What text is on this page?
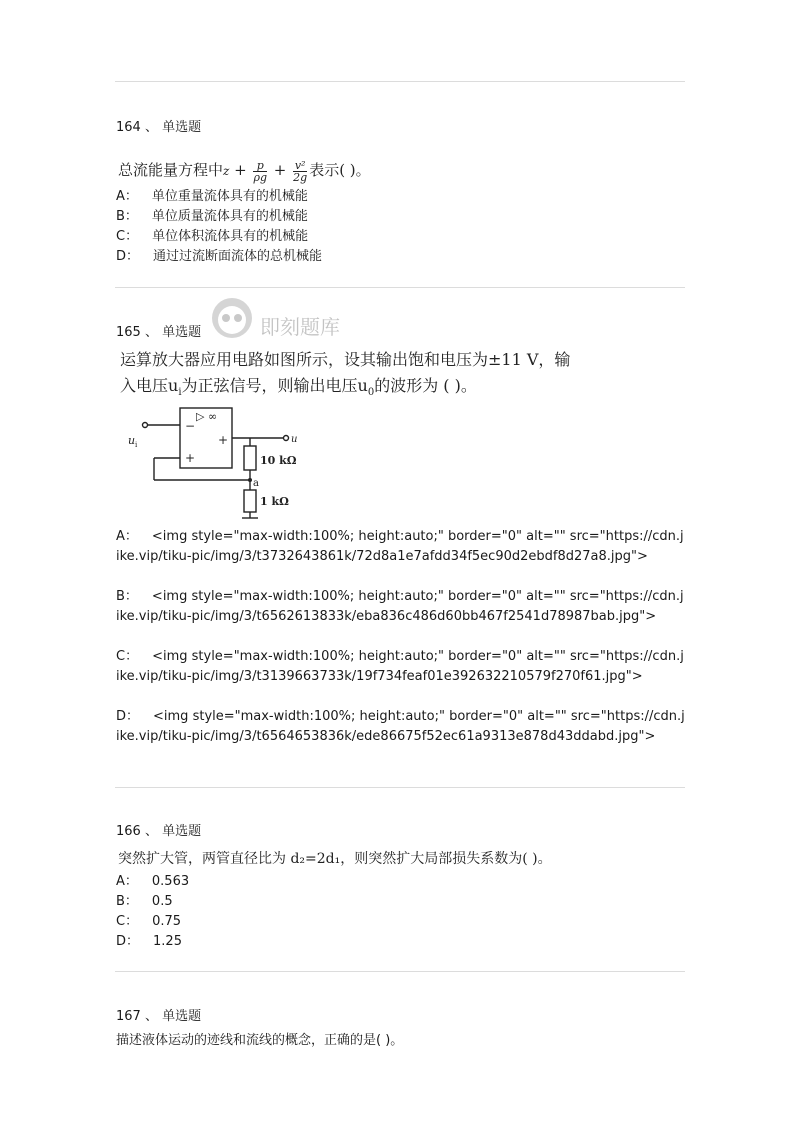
164 、 单选题
总流能量方程中$z + \frac{p}{\rho g} + \frac{\text{v²}}{2g}$ 表示( )。
A： 单位重量流体具有的机械能
B： 单位质量流体具有的机械能
C： 单位体积流体具有的机械能
D： 通过过流断面流体的总机械能
即刻题库
165 、 单选题
运算放大器应用电路如图所示，设其输出饱和电压为±11 V，输
入电压$u_i$为正弦信号，则输出电压$u_0$的波形为 ( )。
u i
▷ ∞
−
+
+
u
10 kΩ
a
1 kΩ
A： <img style="max-width:100%; height:auto;" border="0" alt="" src="https://cdn.jike.vip/tiku-pic/img/3/t3732643861k/72d8a1e7afdd34f5ec90d2ebdf8d27a8.jpg">
B： <img style="max-width:100%; height:auto;" border="0" alt="" src="https://cdn.jike.vip/tiku-pic/img/3/t6562613833k/eba836c486d60bb467f2541d78987bab.jpg">
C： <img style="max-width:100%; height:auto;" border="0" alt="" src="https://cdn.jike.vip/tiku-pic/img/3/t3139663733k/19f734feaf01e392632210579f270f61.jpg">
D： <img style="max-width:100%; height:auto;" border="0" alt="" src="https://cdn.jike.vip/tiku-pic/img/3/t6564653836k/ede86675f52ec61a9313e878d43ddabd.jpg">
166 、 单选题
突然扩大管，两管直径比为 d₂=2d₁，则突然扩大局部损失系数为( )。
A： 0.563
B： 0.5
C： 0.75
D： 1.25
167 、 单选题
描述液体运动的迹线和流线的概念，正确的是( )。
